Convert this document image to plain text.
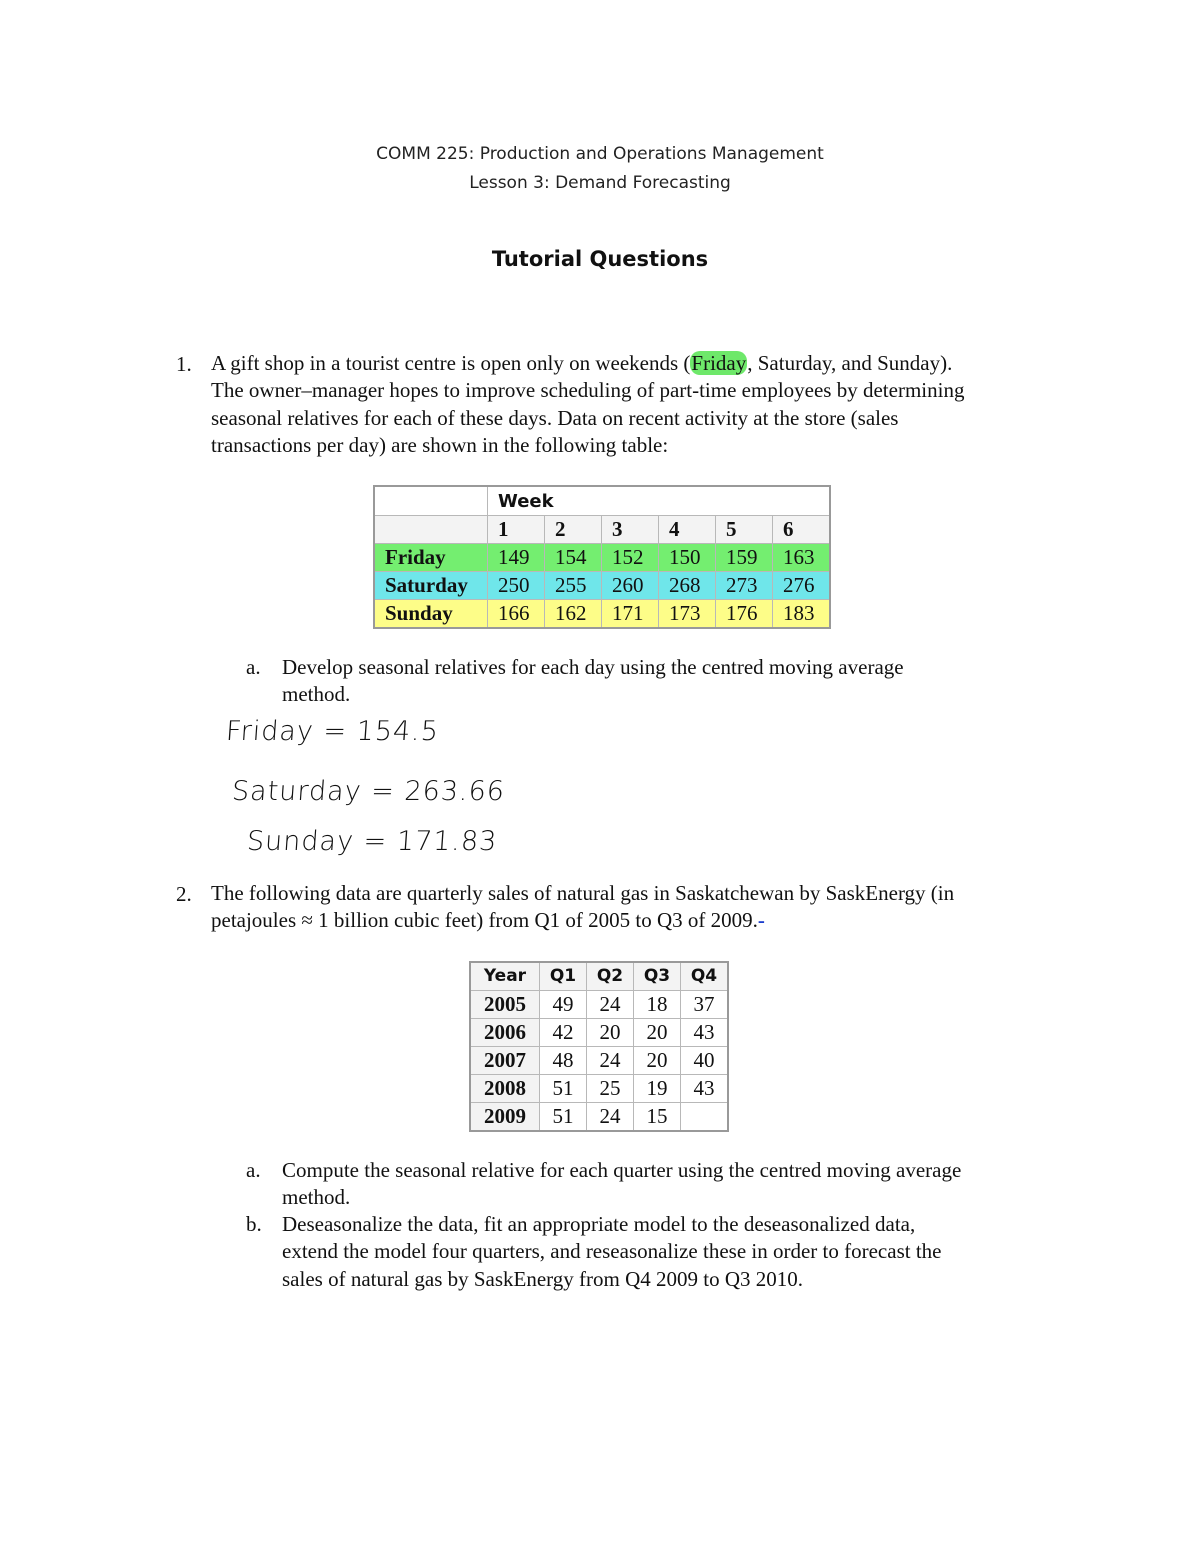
COMM 225: Production and Operations Management
Lesson 3: Demand Forecasting
Tutorial Questions
1. A gift shop in a tourist centre is open only on weekends (Friday, Saturday, and Sunday).
The owner–manager hopes to improve scheduling of part-time employees by determining
seasonal relatives for each of these days. Data on recent activity at the store (sales
transactions per day) are shown in the following table:
	Week					
	1	2	3	4	5	6
Friday	149	154	152	150	159	163
Saturday	250	255	260	268	273	276
Sunday	166	162	171	173	176	183
a. Develop seasonal relatives for each day using the centred moving average
method.
Friday = 154.5
Saturday = 263.66
Sunday = 171.83
2. The following data are quarterly sales of natural gas in Saskatchewan by SaskEnergy (in
petajoules ≈ 1 billion cubic feet) from Q1 of 2005 to Q3 of 2009.-
Year	Q1	Q2	Q3	Q4
2005	49	24	18	37
2006	42	20	20	43
2007	48	24	20	40
2008	51	25	19	43
2009	51	24	15	
a. Compute the seasonal relative for each quarter using the centred moving average
method.
b. Deseasonalize the data, fit an appropriate model to the deseasonalized data,
extend the model four quarters, and reseasonalize these in order to forecast the
sales of natural gas by SaskEnergy from Q4 2009 to Q3 2010.
